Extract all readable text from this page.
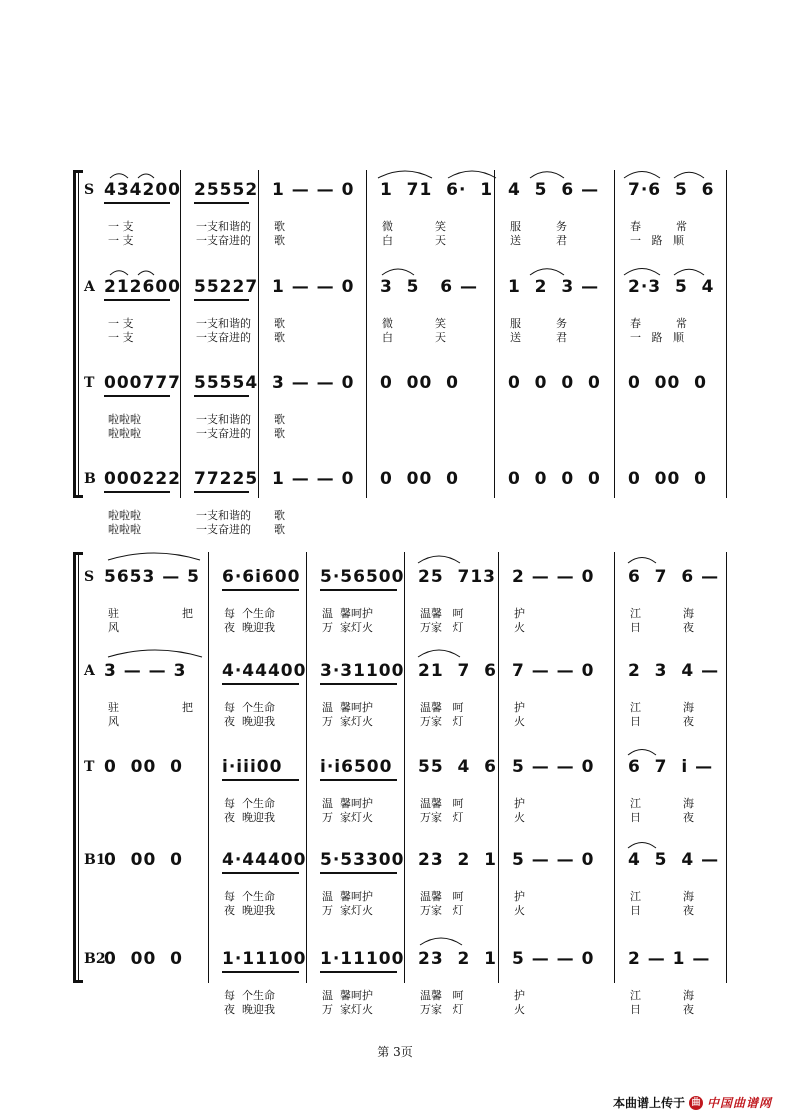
S 434200
一 支
一 支
25552
一支和谐的
一支奋进的
1 — — 0
歌
歌
1  71  6·  1
微            笑
白            天
4  5  6 —
服          务
送          君
7·6  5  6
春          常
一   路   顺
A 212600
一 支
一 支
55227
一支和谐的
一支奋进的
1 — — 0
歌
歌
3  5   6 —
微            笑
白            天
1  2  3 —
服          务
送          君
2·3  5  4
春          常
一   路   顺
T 000777
啦啦啦
啦啦啦
55554
一支和谐的
一支奋进的
3 — — 0
歌
歌
0  00  0	0  0  0  0 0  00  0
B 000222
啦啦啦
啦啦啦
77225
一支和谐的
一支奋进的
1 — — 0
歌
歌
0  00  0	0  0  0  0 0  00  0
S 5653 — 5
驻                  把
风
6·6i600
每  个生命
夜  晚迎我
5·56500
温  馨呵护
万  家灯火
25  713
温馨   呵
万家   灯
2 — — 0
护
火
6  7  6 —
江            海
日            夜
A 3 — — 3
驻                  把
风
4·44400
每  个生命
夜  晚迎我
3·31100
温  馨呵护
万  家灯火
21  7  6
温馨   呵
万家   灯
7 — — 0
护
火
2  3  4 —
江            海
日            夜
T 0  00  0 i·iii00
每  个生命
夜  晚迎我
i·i6500
温  馨呵护
万  家灯火
55  4  6
温馨   呵
万家   灯
5 — — 0
护
火
6  7  i —
江            海
日            夜
B1
0  00  0 4·44400
每  个生命
夜  晚迎我
5·53300
温  馨呵护
万  家灯火
23  2  1
温馨   呵
万家   灯
5 — — 0
护
火
4  5  4 —
江            海
日            夜
B2
0  00  0 1·11100
每  个生命
夜  晚迎我
1·11100
温  馨呵护
万  家灯火
23  2  1
温馨   呵
万家   灯
5 — — 0
护
火
2 — 1 —
江            海
日            夜
第 3页
本曲谱上传于 曲 中国曲谱网
